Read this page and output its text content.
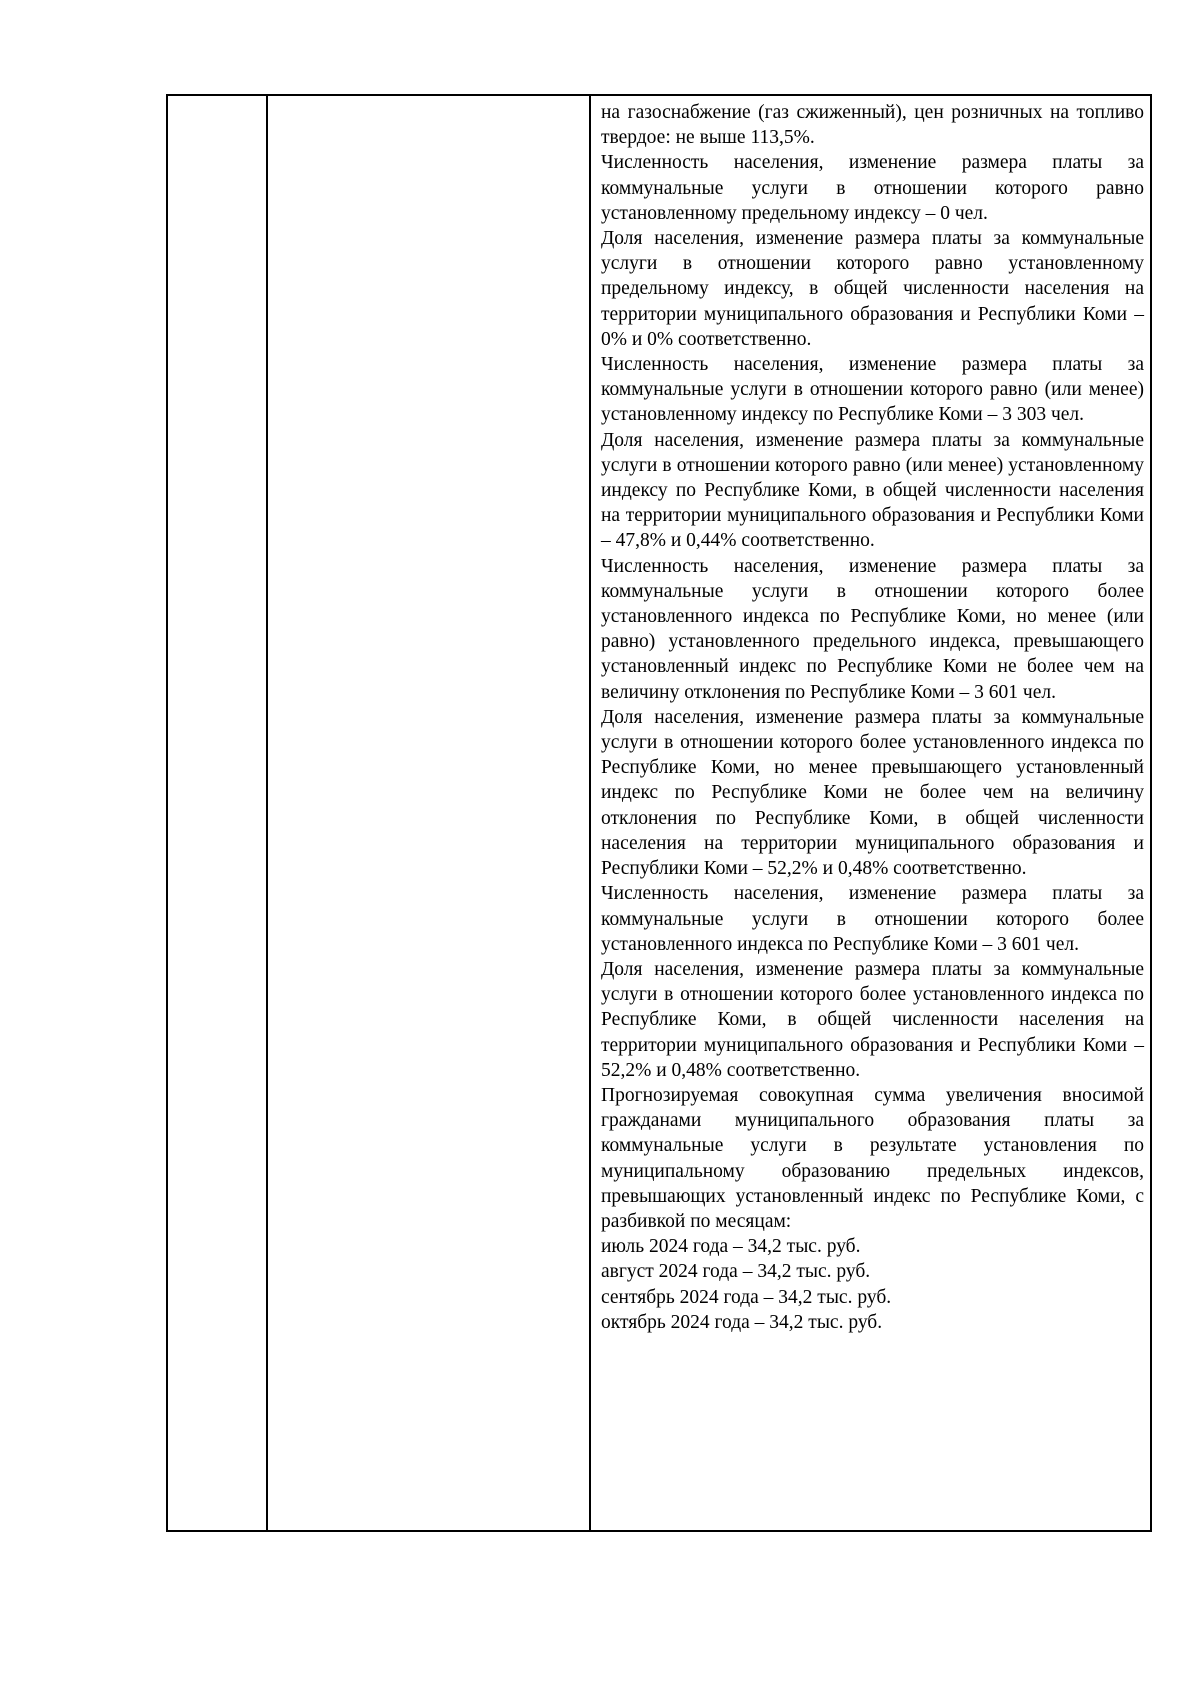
на газоснабжение (газ сжиженный), цен розничных на топливо твердое: не выше 113,5%.

Численность населения, изменение размера платы за коммунальные услуги в отношении которого равно установленному предельному индексу – 0 чел.

Доля населения, изменение размера платы за коммунальные услуги в отношении которого равно установленному предельному индексу, в общей численности населения на территории муниципального образования и Республики Коми – 0% и 0% соответственно.

Численность населения, изменение размера платы за коммунальные услуги в отношении которого равно (или менее) установленному индексу по Республике Коми – 3 303 чел.

Доля населения, изменение размера платы за коммунальные услуги в отношении которого равно (или менее) установленному индексу по Республике Коми, в общей численности населения на территории муниципального образования и Республики Коми – 47,8% и 0,44% соответственно.

Численность населения, изменение размера платы за коммунальные услуги в отношении которого более установленного индекса по Республике Коми, но менее (или равно) установленного предельного индекса, превышающего установленный индекс по Республике Коми не более чем на величину отклонения по Республике Коми – 3 601 чел.

Доля населения, изменение размера платы за коммунальные услуги в отношении которого более установленного индекса по Республике Коми, но менее превышающего установленный индекс по Республике Коми не более чем на величину отклонения по Республике Коми, в общей численности населения на территории муниципального образования и Республики Коми – 52,2% и 0,48% соответственно.

Численность населения, изменение размера платы за коммунальные услуги в отношении которого более установленного индекса по Республике Коми – 3 601 чел.

Доля населения, изменение размера платы за коммунальные услуги в отношении которого более установленного индекса по Республике Коми, в общей численности населения на территории муниципального образования и Республики Коми – 52,2% и 0,48% соответственно.

Прогнозируемая совокупная сумма увеличения вносимой гражданами муниципального образования платы за коммунальные услуги в результате установления по муниципальному образованию предельных индексов, превышающих установленный индекс по Республике Коми, с разбивкой по месяцам:

июль 2024 года – 34,2 тыс. руб.

август 2024 года – 34,2 тыс. руб.

сентябрь 2024 года – 34,2 тыс. руб.

октябрь 2024 года – 34,2 тыс. руб.
